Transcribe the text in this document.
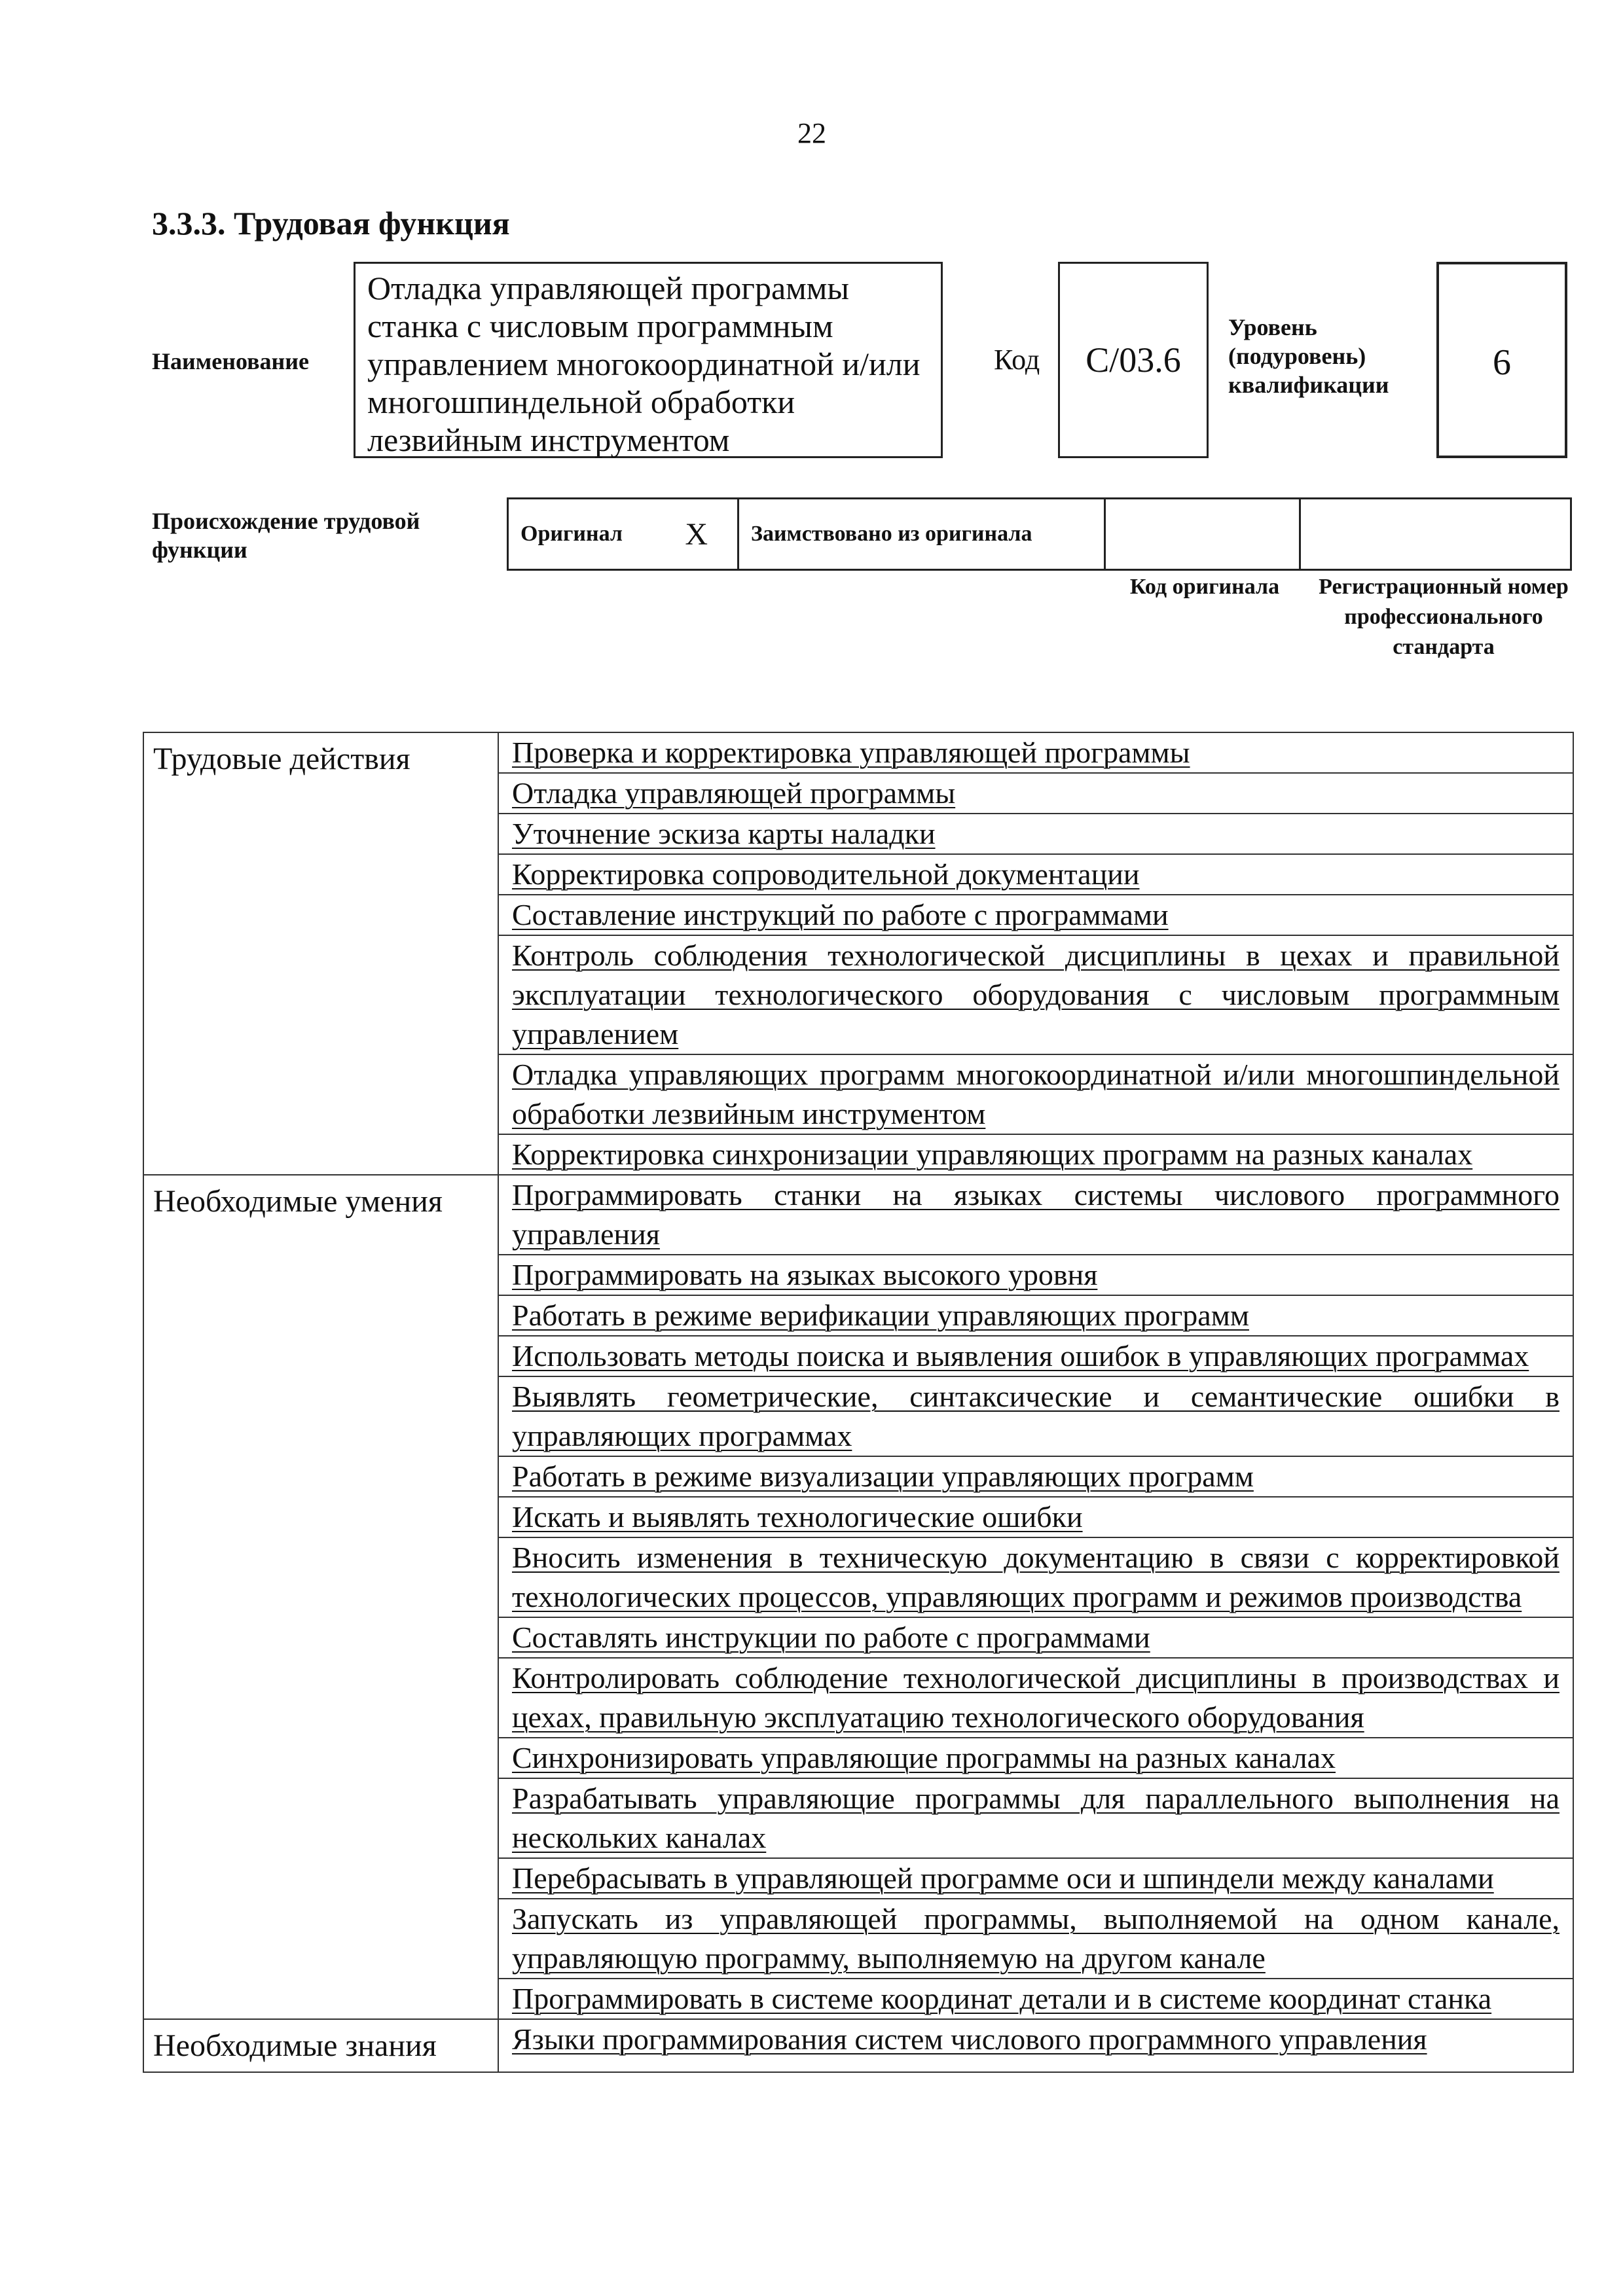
22
3.3.3. Трудовая функция
Наименование
Отладка управляющей программы станка с числовым программным управлением многокоординатной и/или многошпиндельной обработки лезвийным инструментом
Код	C/03.6
Уровень (подуровень) квалификации
6
Происхождение трудовой функции
Оригинал	X	Заимствовано из оригинала		
Код оригинала	Регистрационный номер профессионального стандарта
Трудовые действия	Проверка и корректировка управляющей программы
	Отладка управляющей программы
	Уточнение эскиза карты наладки
	Корректировка сопроводительной документации
	Составление инструкций по работе с программами
	Контроль соблюдения технологической дисциплины в цехах и правильной эксплуатации технологического оборудования с числовым программным управлением
	Отладка управляющих программ многокоординатной и/или многошпиндельной обработки лезвийным инструментом
	Корректировка синхронизации управляющих программ на разных каналах
Необходимые умения	Программировать станки на языках системы числового программного управления
	Программировать на языках высокого уровня
	Работать в режиме верификации управляющих программ
	Использовать методы поиска и выявления ошибок в управляющих программах
	Выявлять геометрические, синтаксические и семантические ошибки в управляющих программах
	Работать в режиме визуализации управляющих программ
	Искать и выявлять технологические ошибки
	Вносить изменения в техническую документацию в связи с корректировкой технологических процессов, управляющих программ и режимов производства
	Составлять инструкции по работе с программами
	Контролировать соблюдение технологической дисциплины в производствах и цехах, правильную эксплуатацию технологического оборудования
	Синхронизировать управляющие программы на разных каналах
	Разрабатывать управляющие программы для параллельного выполнения на нескольких каналах
	Перебрасывать в управляющей программе оси и шпиндели между каналами
	Запускать из управляющей программы, выполняемой на одном канале, управляющую программу, выполняемую на другом канале
	Программировать в системе координат детали и в системе координат станка
Необходимые знания	Языки программирования систем числового программного управления
